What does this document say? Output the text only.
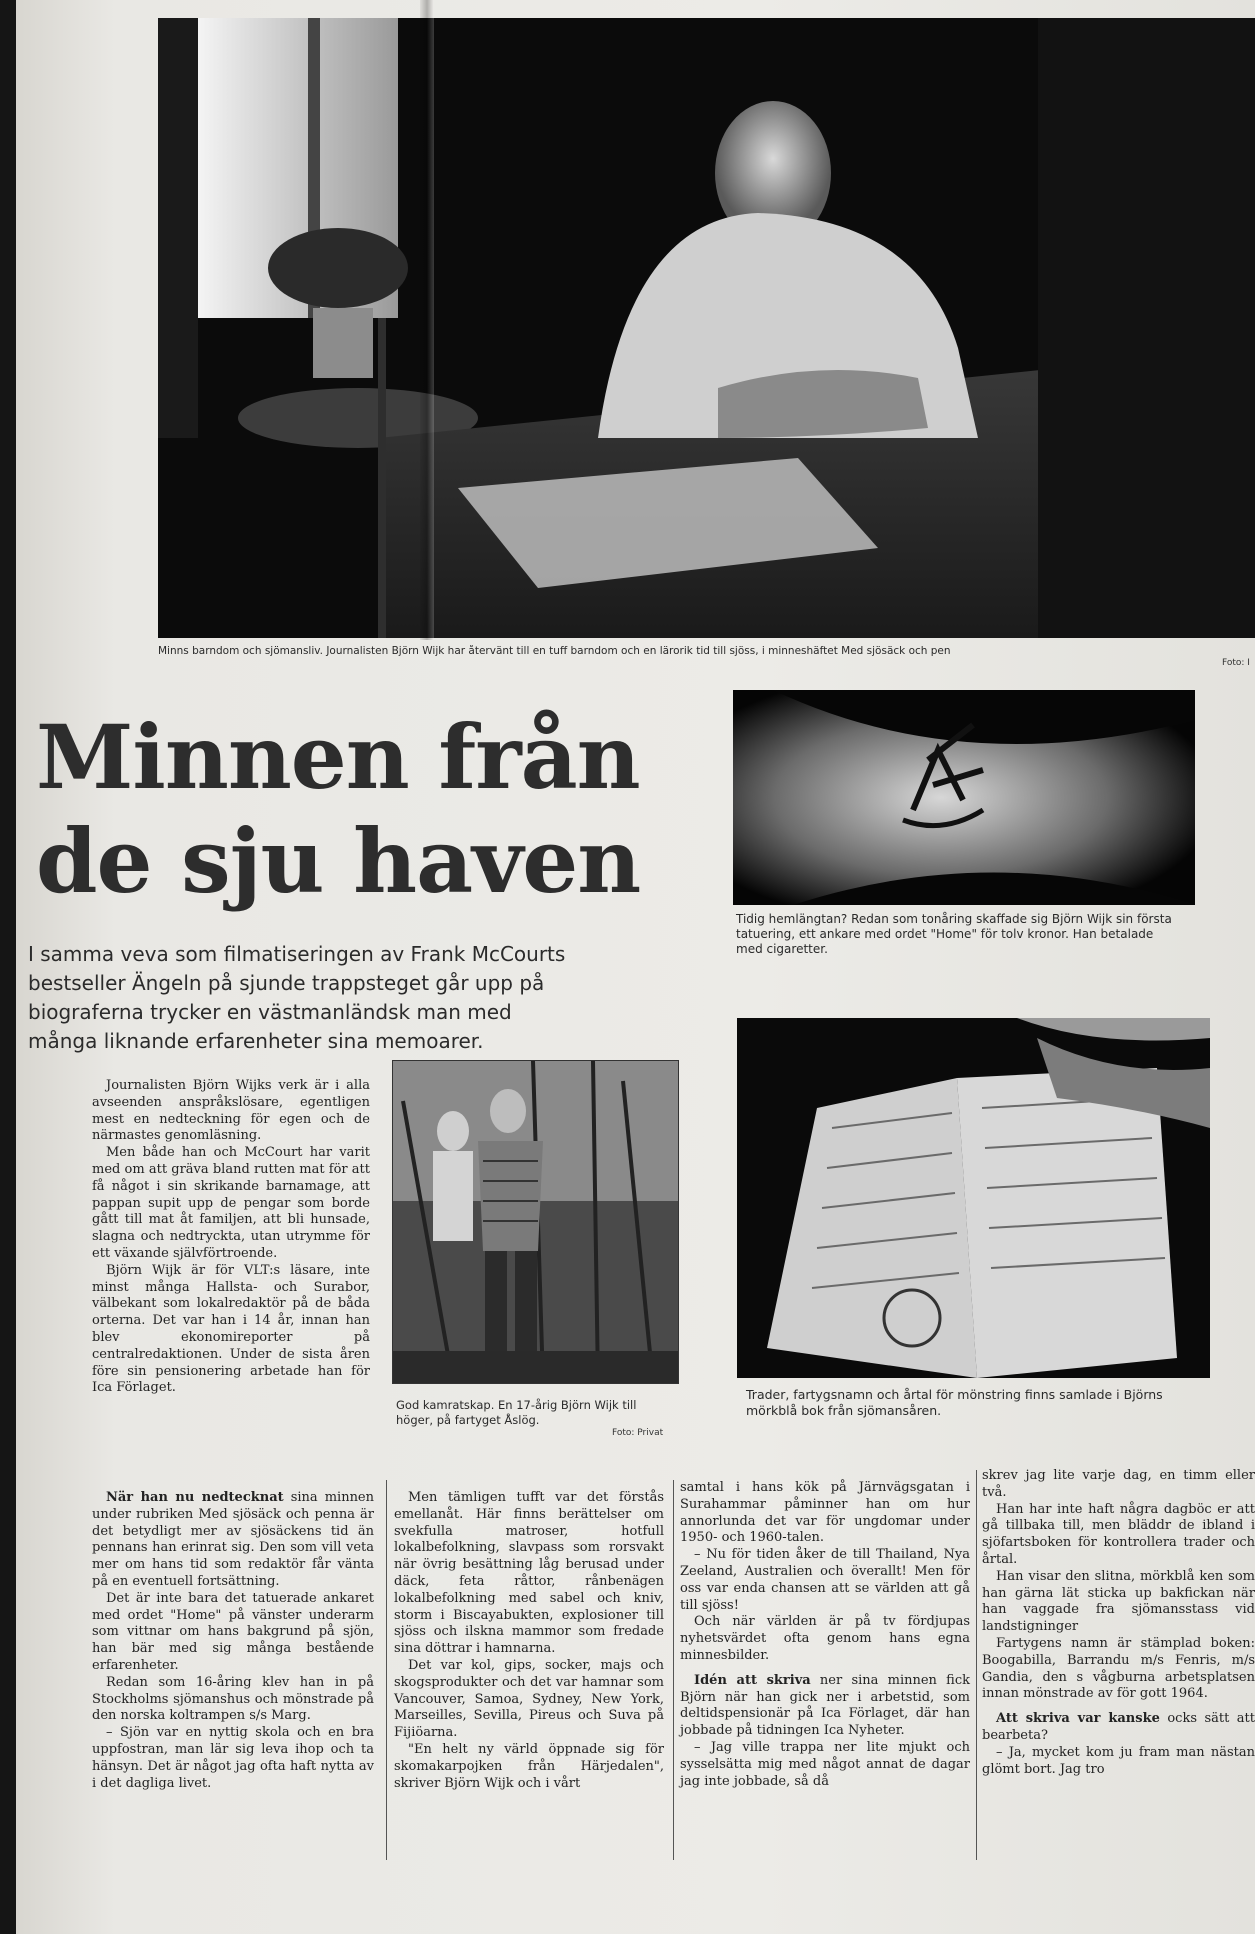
Minns barndom och sjömansliv. Journalisten Björn Wijk har återvänt till en tuff barndom och en lärorik tid till sjöss, i minneshäftet Med sjösäck och pen
Foto: I
Minnen från
de sju haven
I samma veva som filmatiseringen av Frank McCourts bestseller Ängeln på sjunde trappsteget går upp på biograferna trycker en västmanländsk man med många liknande erfarenheter sina memoarer.
Tidig hemlängtan? Redan som tonåring skaffade sig Björn Wijk sin första tatuering, ett ankare med ordet "Home" för tolv kronor. Han betalade med cigaretter.
Trader, fartygsnamn och årtal för mönstring finns samlade i Björns mörkblå bok från sjömansåren.
God kamratskap. En 17-årig Björn Wijk till höger, på fartyget Åslög.
Foto: Privat

Journalisten Björn Wijks verk är i alla avseenden anspråkslösare, egentligen mest en nedteckning för egen och de närmastes genomläsning.

Men både han och McCourt har varit med om att gräva bland rutten mat för att få något i sin skrikande barnamage, att pappan supit upp de pengar som borde gått till mat åt familjen, att bli hunsade, slagna och nedtryckta, utan utrymme för ett växande självförtroende.

Björn Wijk är för VLT:s läsare, inte minst många Hallsta- och Surabor, välbekant som lokalredaktör på de båda orterna. Det var han i 14 år, innan han blev ekonomireporter på centralredaktionen. Under de sista åren före sin pensionering arbetade han för Ica Förlaget.

När han nu nedtecknat sina minnen under rubriken Med sjösäck och penna är det betydligt mer av sjösäckens tid än pennans han erinrat sig. Den som vill veta mer om hans tid som redaktör får vänta på en eventuell fortsättning.

Det är inte bara det tatuerade ankaret med ordet "Home" på vänster underarm som vittnar om hans bakgrund på sjön, han bär med sig många bestående erfarenheter.

Redan som 16-åring klev han in på Stockholms sjömanshus och mönstrade på den norska koltrampen s/s Marg.

– Sjön var en nyttig skola och en bra uppfostran, man lär sig leva ihop och ta hänsyn. Det är något jag ofta haft nytta av i det dagliga livet.

Men tämligen tufft var det förstås emellanåt. Här finns berättelser om svekfulla matroser, hotfull lokalbefolkning, slavpass som rorsvakt när övrig besättning låg berusad under däck, feta råttor, rånbenägen lokalbefolkning med sabel och kniv, storm i Biscayabukten, explosioner till sjöss och ilskna mammor som fredade sina döttrar i hamnarna.

Det var kol, gips, socker, majs och skogsprodukter och det var hamnar som Vancouver, Samoa, Sydney, New York, Marseilles, Sevilla, Pireus och Suva på Fijiöarna.

"En helt ny värld öppnade sig för skomakarpojken från Härjedalen", skriver Björn Wijk och i vårt

samtal i hans kök på Järnvägsgatan i Surahammar påminner han om hur annorlunda det var för ungdomar under 1950- och 1960-talen.

– Nu för tiden åker de till Thailand, Nya Zeeland, Australien och överallt! Men för oss var enda chansen att se världen att gå till sjöss!

Och när världen är på tv fördjupas nyhetsvärdet ofta genom hans egna minnesbilder.

Idén att skriva ner sina minnen fick Björn när han gick ner i arbetstid, som deltidspensionär på Ica Förlaget, där han jobbade på tidningen Ica Nyheter.

– Jag ville trappa ner lite mjukt och sysselsätta mig med något annat de dagar jag inte jobbade, så då

skrev jag lite varje dag, en timm eller två.

Han har inte haft några dagböc er att gå tillbaka till, men bläddr de ibland i sjöfartsboken för kontrollera trader och årtal.

Han visar den slitna, mörkblå ken som han gärna lät sticka up bakfickan när han vaggade fra sjömansstass vid landstigninger

Fartygens namn är stämplad boken: Boogabilla, Barrandu m/s Fenris, m/s Gandia, den s vågburna arbetsplatsen innan mönstrade av för gott 1964.

Att skriva var kanske ocks sätt att bearbeta?

– Ja, mycket kom ju fram man nästan glömt bort. Jag tro
